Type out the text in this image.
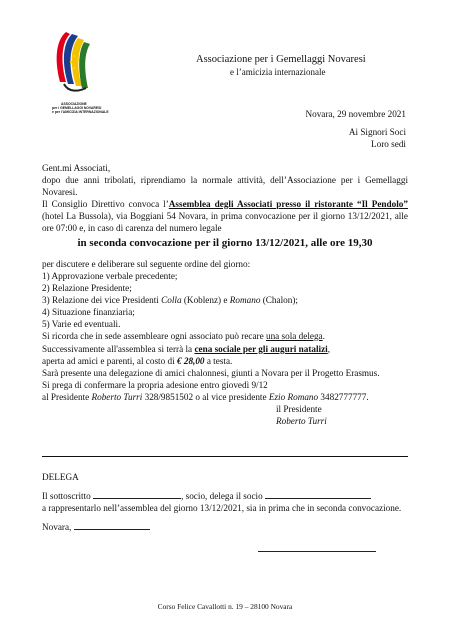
ASSOCIAZIONE
per i GEMELLAGGI NOVARESI
e per l'AMICIZIA INTERNAZIONALE
Associazione per i Gemellaggi Novaresi
e l’amicizia internazionale
Novara, 29 novembre 2021
Ai Signori Soci
Loro sedi
Gent.mi Associati,
dopo due anni tribolati, riprendiamo la normale attività, dell’Associazione per i Gemellaggi Novaresi.
Il Consiglio Direttivo convoca l’Assemblea degli Associati presso il ristorante “Il Pendolo” (hotel La Bussola), via Boggiani 54 Novara, in prima convocazione per il giorno 13/12/2021, alle ore 07:00 e, in caso di carenza del numero legale
in seconda convocazione per il giorno 13/12/2021, alle ore 19,30
per discutere e deliberare sul seguente ordine del giorno:
1) Approvazione verbale precedente;
2) Relazione Presidente;
3) Relazione dei vice Presidenti Colla (Koblenz) e Romano (Chalon);
4) Situazione finanziaria;
5) Varie ed eventuali.
Si ricorda che in sede assembleare ogni associato può recare una sola delega.
Successivamente all'assemblea si terrà la cena sociale per gli auguri natalizi,
aperta ad amici e parenti, al costo di € 28,00 a testa.
Sarà presente una delegazione di amici chalonnesi, giunti a Novara per il Progetto Erasmus.
Si prega di confermare la propria adesione entro giovedì 9/12
al Presidente Roberto Turri 328/9851502 o al vice presidente Ezio Romano 3482777777.
il Presidente
Roberto Turri
DELEGA
Il sottoscritto	, socio, delega il socio
a rappresentarlo nell’assemblea del giorno 13/12/2021, sia in prima che in seconda convocazione.
Novara,
Corso Felice Cavallotti n. 19 – 28100 Novara
